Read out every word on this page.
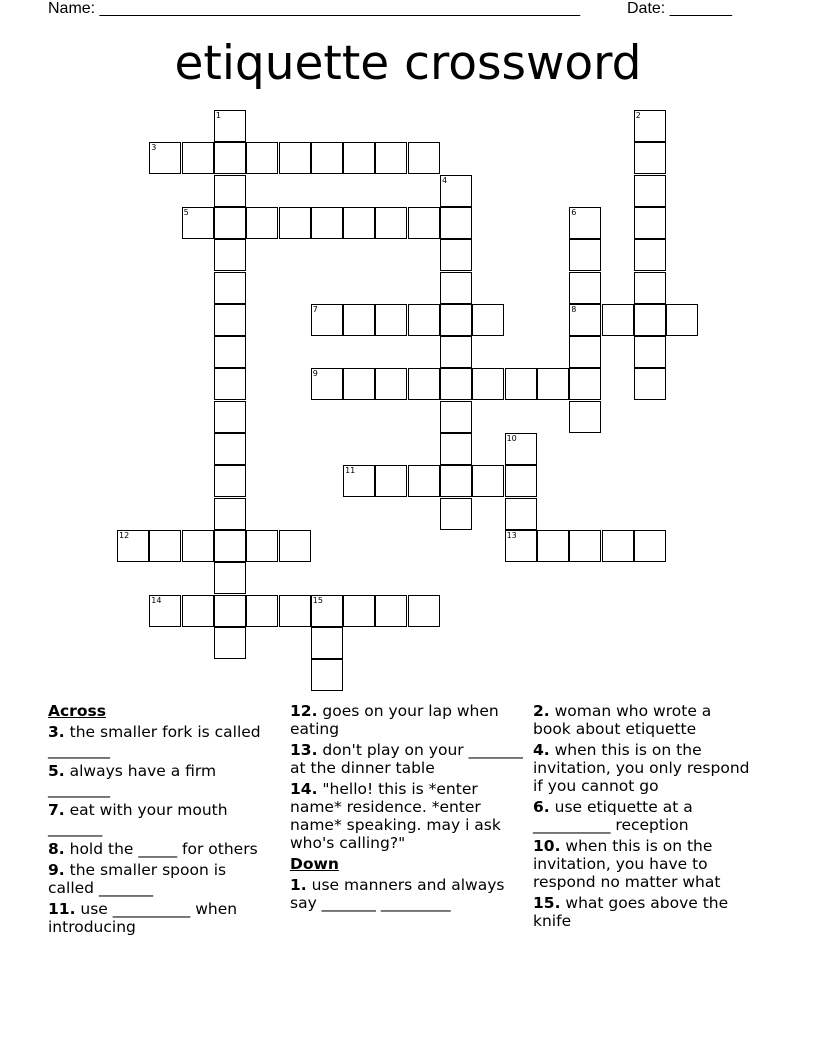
Name: ______________________________________________________	Date: _______
etiquette crossword
1	2
3
4
5	6
8
7
9
10
13
11
12
14	15
Across
3. the smaller fork is called ________
5. always have a firm ________
7. eat with your mouth _______
8. hold the _____ for others
9. the smaller spoon is called _______
11. use __________ when introducing
12. goes on your lap when eating
13. don't play on your _______ at the dinner table
14. "hello! this is *enter name* residence. *enter name* speaking. may i ask who's calling?"
Down
1. use manners and always say _______ _________
2. woman who wrote a book about etiquette
4. when this is on the invitation, you only respond if you cannot go
6. use etiquette at a __________ reception
10. when this is on the invitation, you have to respond no matter what
15. what goes above the knife
